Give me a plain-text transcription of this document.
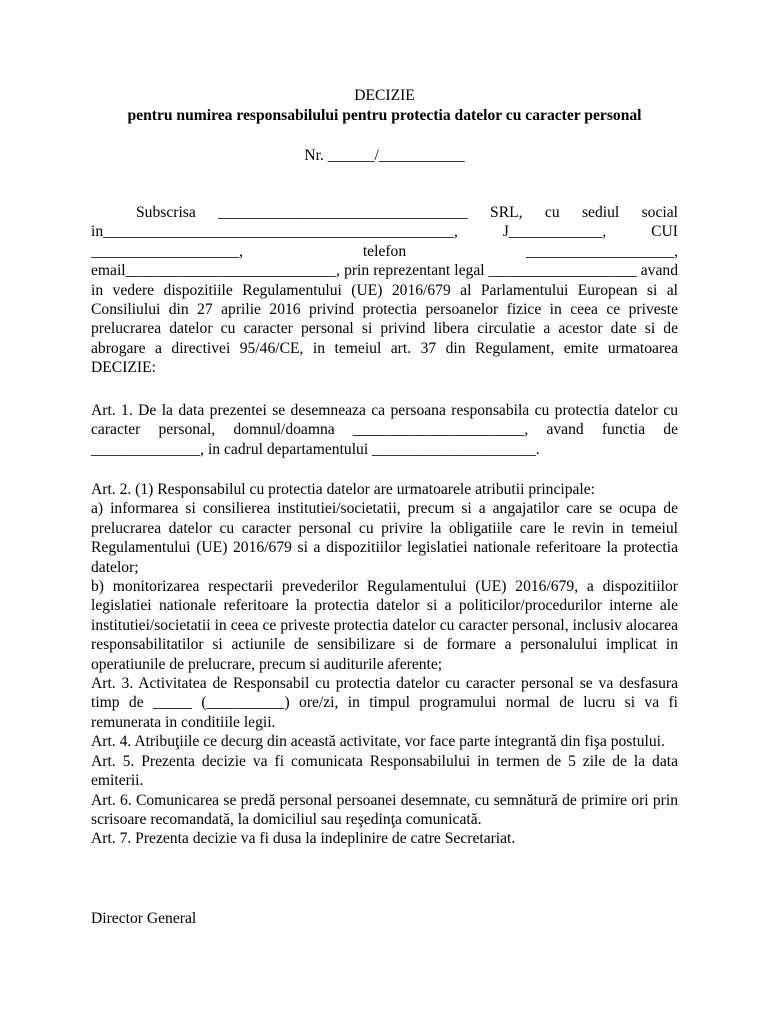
DECIZIE
pentru numirea responsabilului pentru protectia datelor cu caracter personal
Nr. ______/___________

Subscrisa ________________________________ SRL, cu sediul social in_____________________________________________, J____________, CUI ___________________, telefon ___________________, email___________________________, prin reprezentant legal ___________________ avand in vedere dispozitiile Regulamentului (UE) 2016/679 al Parlamentului European si al Consiliului din 27 aprilie 2016 privind protectia persoanelor fizice in ceea ce priveste prelucrarea datelor cu caracter personal si privind libera circulatie a acestor date si de abrogare a directivei 95/46/CE, in temeiul art. 37 din Regulament, emite urmatoarea DECIZIE:

Art. 1. De la data prezentei se desemneaza ca persoana responsabila cu protectia datelor cu caracter personal, domnul/doamna ______________________, avand functia de ______________, in cadrul departamentului _____________________.

Art. 2. (1) Responsabilul cu protectia datelor are urmatoarele atributii principale:

a) informarea si consilierea institutiei/societatii, precum si a angajatilor care se ocupa de prelucrarea datelor cu caracter personal cu privire la obligatiile care le revin in temeiul Regulamentului (UE) 2016/679 si a dispozitiilor legislatiei nationale referitoare la protectia datelor;

b) monitorizarea respectarii prevederilor Regulamentului (UE) 2016/679, a dispozitiilor legislatiei nationale referitoare la protectia datelor si a politicilor/procedurilor interne ale institutiei/societatii in ceea ce priveste protectia datelor cu caracter personal, inclusiv alocarea responsabilitatilor si actiunile de sensibilizare si de formare a personalului implicat in operatiunile de prelucrare, precum si auditurile aferente;

Art. 3. Activitatea de Responsabil cu protectia datelor cu caracter personal se va desfasura timp de _____ (__________) ore/zi, in timpul programului normal de lucru si va fi remunerata in conditiile legii.

Art. 4. Atribuţiile ce decurg din această activitate, vor face parte integrantă din fişa postului.

Art. 5. Prezenta decizie va fi comunicata Responsabilului in termen de 5 zile de la data emiterii.

Art. 6. Comunicarea se predă personal persoanei desemnate, cu semnătură de primire ori prin scrisoare recomandată, la domiciliul sau reşedinţa comunicată.

Art. 7. Prezenta decizie va fi dusa la indeplinire de catre Secretariat.

Director General
